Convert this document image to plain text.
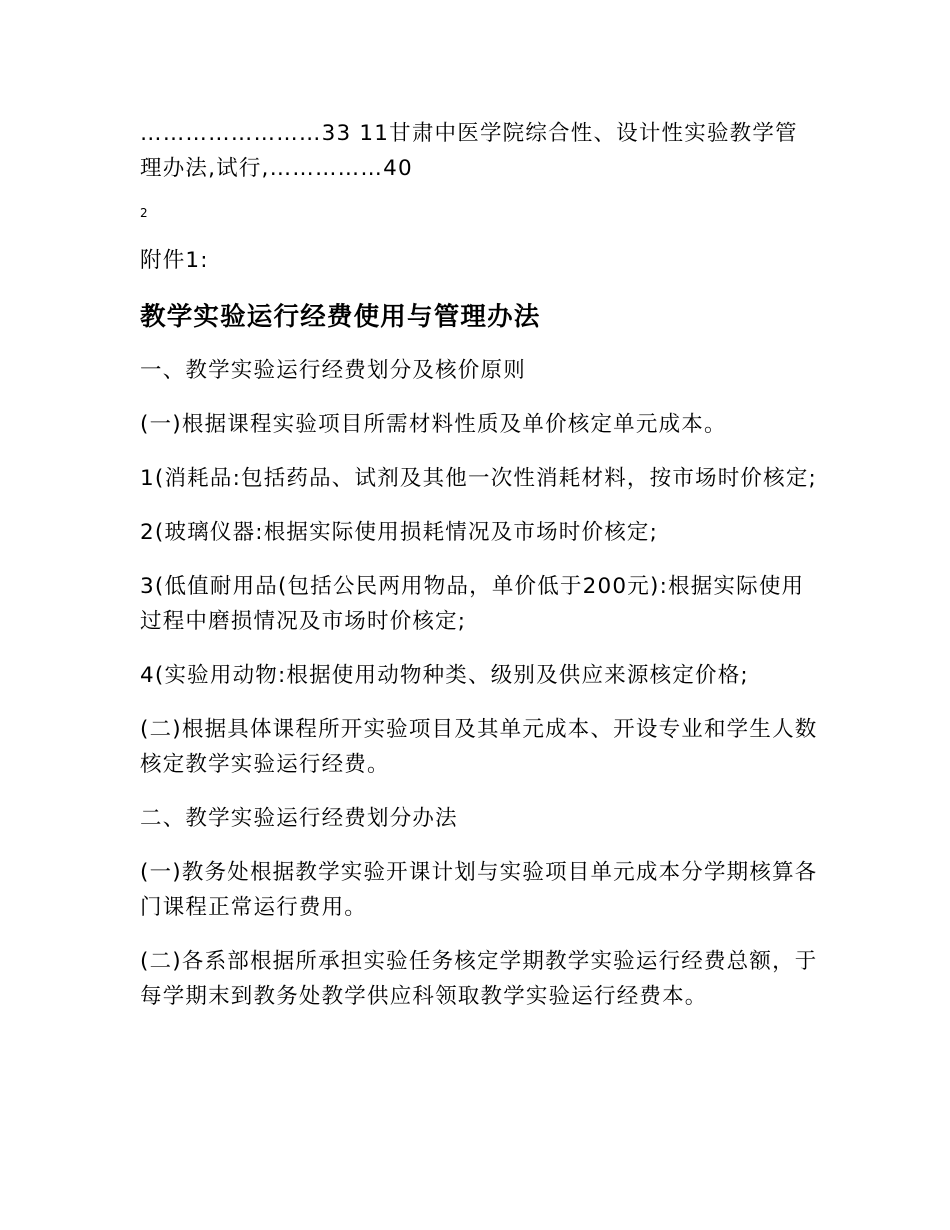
……………………33 11甘肃中医学院综合性、设计性实验教学管理办法,试行,……………40

2

附件1:

教学实验运行经费使用与管理办法

一、教学实验运行经费划分及核价原则

(一)根据课程实验项目所需材料性质及单价核定单元成本。

1(消耗品:包括药品、试剂及其他一次性消耗材料，按市场时价核定;

2(玻璃仪器:根据实际使用损耗情况及市场时价核定;

3(低值耐用品(包括公民两用物品，单价低于200元):根据实际使用过程中磨损情况及市场时价核定;

4(实验用动物:根据使用动物种类、级别及供应来源核定价格;

(二)根据具体课程所开实验项目及其单元成本、开设专业和学生人数核定教学实验运行经费。

二、教学实验运行经费划分办法

(一)教务处根据教学实验开课计划与实验项目单元成本分学期核算各门课程正常运行费用。

(二)各系部根据所承担实验任务核定学期教学实验运行经费总额，于每学期末到教务处教学供应科领取教学实验运行经费本。
